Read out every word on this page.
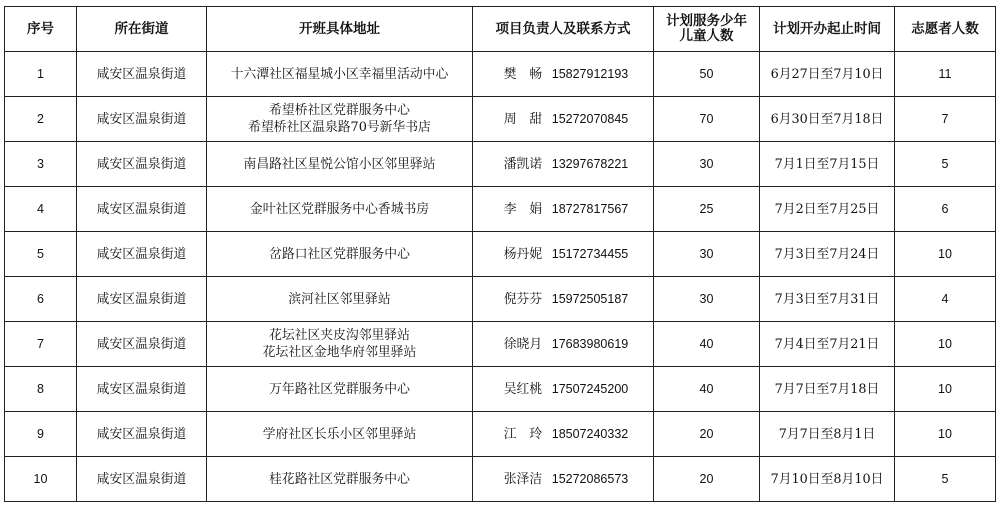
序号	所在街道	开班具体地址	项目负责人及联系方式	计划服务少年
儿童人数	计划开办起止时间	志愿者人数
1	咸安区温泉街道	十六潭社区福星城小区幸福里活动中心	樊　畅 15827912193	50	6月27日至7月10日	11
2	咸安区温泉街道	希望桥社区党群服务中心
希望桥社区温泉路70号新华书店	周　甜 15272070845	70	6月30日至7月18日	7
3	咸安区温泉街道	南昌路社区星悦公馆小区邻里驿站	潘凯诺 13297678221	30	7月1日至7月15日	5
4	咸安区温泉街道	金叶社区党群服务中心香城书房	李　娟 18727817567	25	7月2日至7月25日	6
5	咸安区温泉街道	岔路口社区党群服务中心	杨丹妮 15172734455	30	7月3日至7月24日	10
6	咸安区温泉街道	滨河社区邻里驿站	倪芬芬 15972505187	30	7月3日至7月31日	4
7	咸安区温泉街道	花坛社区夹皮沟邻里驿站
花坛社区金地华府邻里驿站	徐晓月 17683980619	40	7月4日至7月21日	10
8	咸安区温泉街道	万年路社区党群服务中心	吴红桃 17507245200	40	7月7日至7月18日	10
9	咸安区温泉街道	学府社区长乐小区邻里驿站	江　玲 18507240332	20	7月7日至8月1日	10
10	咸安区温泉街道	桂花路社区党群服务中心	张泽洁 15272086573	20	7月10日至8月10日	5
